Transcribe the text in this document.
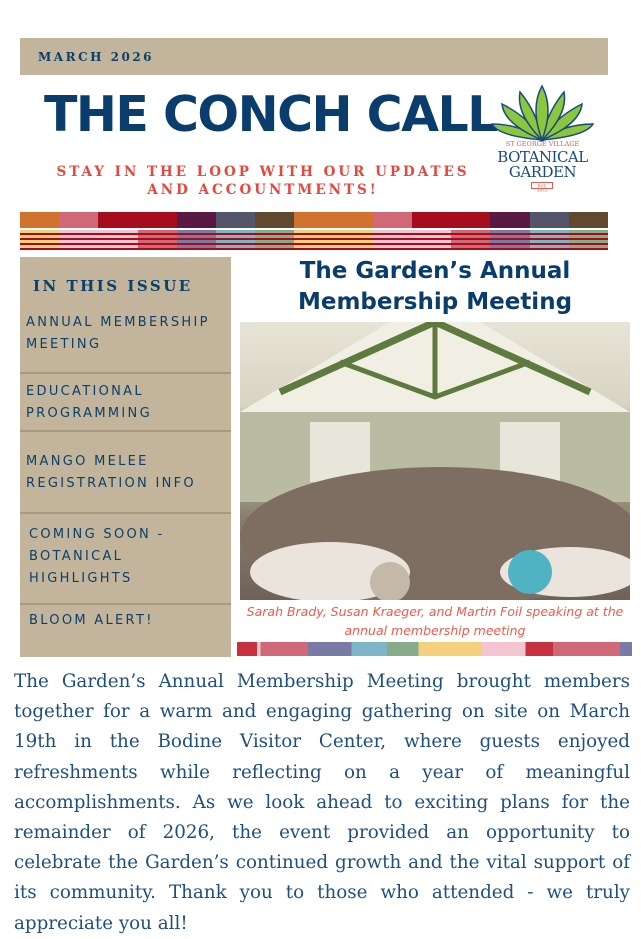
MARCH 2026
THE CONCH CALL
STAY IN THE LOOP WITH OUR UPDATES AND ACCOUNTMENTS!
ST GEORGE VILLAGE
BOTANICAL
GARDEN
EST. 1972
IN THIS ISSUE
ANNUAL MEMBERSHIP MEETING
EDUCATIONAL PROGRAMMING
MANGO MELEE REGISTRATION INFO
COMING SOON - BOTANICAL HIGHLIGHTS
BLOOM ALERT!
The Garden’s Annual Membership Meeting
Sarah Brady, Susan Kraeger, and Martin Foil speaking at the annual membership meeting
The Garden’s Annual Membership Meeting brought members together for a warm and engaging gathering on site on March 19th in the Bodine Visitor Center, where guests enjoyed refreshments while reflecting on a year of meaningful accomplishments. As we look ahead to exciting plans for the remainder of 2026, the event provided an opportunity to celebrate the Garden’s continued growth and the vital support of its community. Thank you to those who attended - we truly appreciate you all!
